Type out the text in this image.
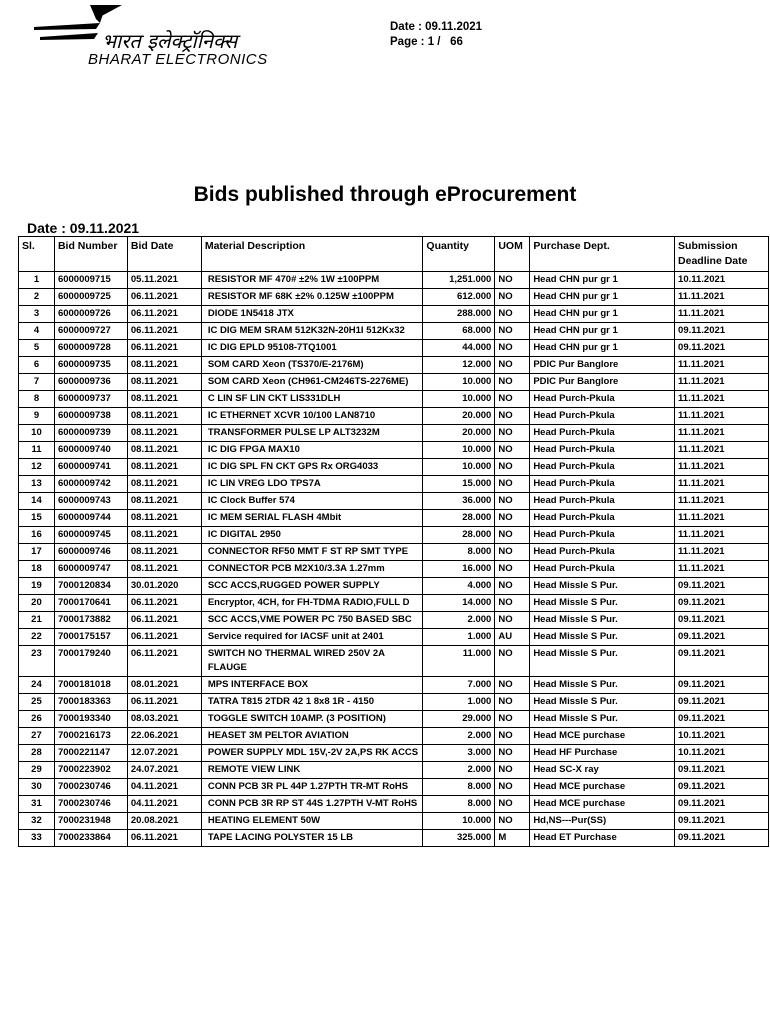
भारत इलेक्ट्रॉनिक्स
BHARAT ELECTRONICS
Date : 09.11.2021
Page : 1 /   66
Bids published through eProcurement
Date : 09.11.2021
Sl.	Bid Number	Bid Date	Material Description	Quantity	UOM	Purchase Dept.	Submission Deadline Date
1	6000009715	05.11.2021	RESISTOR MF 470# ±2% 1W ±100PPM	1,251.000	NO	Head CHN pur gr 1	10.11.2021
2	6000009725	06.11.2021	RESISTOR MF 68K ±2% 0.125W ±100PPM	612.000	NO	Head CHN pur gr 1	11.11.2021
3	6000009726	06.11.2021	DIODE 1N5418 JTX	288.000	NO	Head CHN pur gr 1	11.11.2021
4	6000009727	06.11.2021	IC DIG MEM SRAM 512K32N-20H1I 512Kx32	68.000	NO	Head CHN pur gr 1	09.11.2021
5	6000009728	06.11.2021	IC DIG EPLD 95108-7TQ1001	44.000	NO	Head CHN pur gr 1	09.11.2021
6	6000009735	08.11.2021	SOM CARD Xeon (TS370/E-2176M)	12.000	NO	PDIC Pur Banglore	11.11.2021
7	6000009736	08.11.2021	SOM CARD Xeon (CH961-CM246TS-2276ME)	10.000	NO	PDIC Pur Banglore	11.11.2021
8	6000009737	08.11.2021	C LIN SF LIN CKT LIS331DLH	10.000	NO	Head Purch-Pkula	11.11.2021
9	6000009738	08.11.2021	IC ETHERNET XCVR 10/100 LAN8710	20.000	NO	Head Purch-Pkula	11.11.2021
10	6000009739	08.11.2021	TRANSFORMER PULSE LP ALT3232M	20.000	NO	Head Purch-Pkula	11.11.2021
11	6000009740	08.11.2021	IC DIG FPGA MAX10	10.000	NO	Head Purch-Pkula	11.11.2021
12	6000009741	08.11.2021	IC DIG SPL FN CKT GPS Rx ORG4033	10.000	NO	Head Purch-Pkula	11.11.2021
13	6000009742	08.11.2021	IC LIN VREG LDO TPS7A	15.000	NO	Head Purch-Pkula	11.11.2021
14	6000009743	08.11.2021	IC Clock Buffer 574	36.000	NO	Head Purch-Pkula	11.11.2021
15	6000009744	08.11.2021	IC MEM SERIAL FLASH 4Mbit	28.000	NO	Head Purch-Pkula	11.11.2021
16	6000009745	08.11.2021	IC DIGITAL 2950	28.000	NO	Head Purch-Pkula	11.11.2021
17	6000009746	08.11.2021	CONNECTOR RF50 MMT F ST RP SMT TYPE	8.000	NO	Head Purch-Pkula	11.11.2021
18	6000009747	08.11.2021	CONNECTOR PCB M2X10/3.3A 1.27mm	16.000	NO	Head Purch-Pkula	11.11.2021
19	7000120834	30.01.2020	SCC ACCS,RUGGED POWER SUPPLY	4.000	NO	Head Missle S Pur.	09.11.2021
20	7000170641	06.11.2021	Encryptor, 4CH, for FH-TDMA RADIO,FULL D	14.000	NO	Head Missle S Pur.	09.11.2021
21	7000173882	06.11.2021	SCC ACCS,VME POWER PC 750 BASED SBC	2.000	NO	Head Missle S Pur.	09.11.2021
22	7000175157	06.11.2021	Service required for IACSF unit at 2401	1.000	AU	Head Missle S Pur.	09.11.2021
23	7000179240	06.11.2021	SWITCH NO THERMAL WIRED 250V 2A FLAUGE	11.000	NO	Head Missle S Pur.	09.11.2021
24	7000181018	08.01.2021	MPS INTERFACE BOX	7.000	NO	Head Missle S Pur.	09.11.2021
25	7000183363	06.11.2021	TATRA T815 2TDR 42 1 8x8 1R - 4150	1.000	NO	Head Missle S Pur.	09.11.2021
26	7000193340	08.03.2021	TOGGLE SWITCH 10AMP. (3 POSITION)	29.000	NO	Head Missle S Pur.	09.11.2021
27	7000216173	22.06.2021	HEASET 3M PELTOR AVIATION	2.000	NO	Head MCE purchase	10.11.2021
28	7000221147	12.07.2021	POWER SUPPLY MDL 15V,-2V 2A,PS RK ACCS	3.000	NO	Head HF Purchase	10.11.2021
29	7000223902	24.07.2021	REMOTE VIEW LINK	2.000	NO	Head SC-X ray	09.11.2021
30	7000230746	04.11.2021	CONN PCB 3R PL 44P 1.27PTH TR-MT RoHS	8.000	NO	Head MCE purchase	09.11.2021
31	7000230746	04.11.2021	CONN PCB 3R RP ST 44S 1.27PTH V-MT RoHS	8.000	NO	Head MCE purchase	09.11.2021
32	7000231948	20.08.2021	HEATING ELEMENT 50W	10.000	NO	Hd,NS---Pur(SS)	09.11.2021
33	7000233864	06.11.2021	TAPE LACING POLYSTER 15 LB	325.000	M	Head ET Purchase	09.11.2021
